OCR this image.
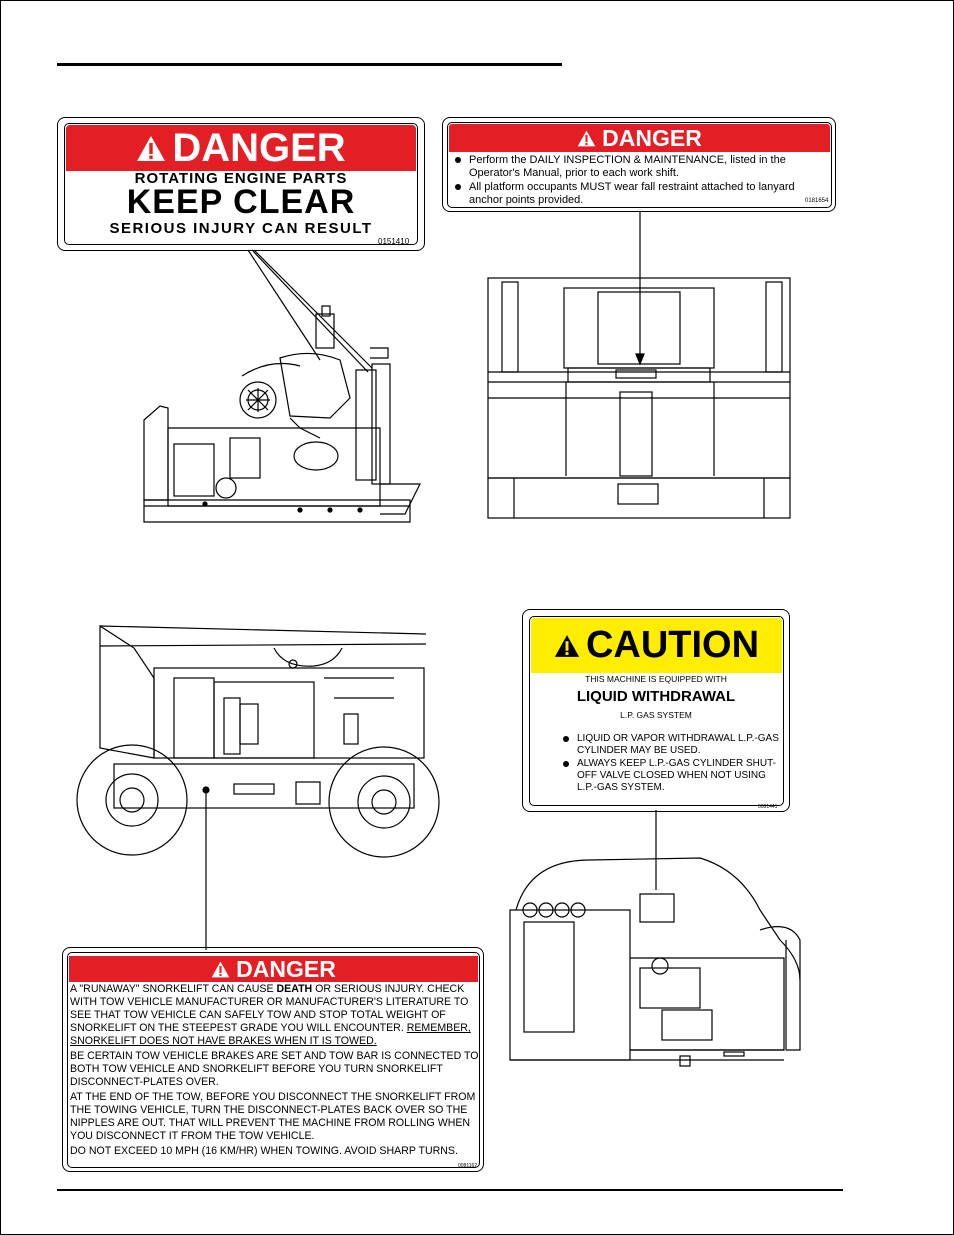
DANGER
ROTATING ENGINE PARTS
KEEP CLEAR
SERIOUS INJURY CAN RESULT
0151410
DANGER
Perform the DAILY INSPECTION & MAINTENANCE, listed in the Operator's Manual, prior to each work shift.
All platform occupants MUST wear fall restraint attached to lanyard anchor points provided.	0181654
CAUTION
THIS MACHINE IS EQUIPPED WITH
LIQUID WITHDRAWAL
L.P. GAS SYSTEM
LIQUID OR VAPOR WITHDRAWAL L.P.-GAS CYLINDER MAY BE USED.
ALWAYS KEEP L.P.-GAS CYLINDER SHUT-OFF VALVE CLOSED WHEN NOT USING L.P.-GAS SYSTEM.
0081441
DANGER
0081162

A "RUNAWAY" SNORKELIFT CAN CAUSE DEATH OR SERIOUS INJURY. CHECK WITH TOW VEHICLE MANUFACTURER OR MANUFACTURER'S LITERATURE TO SEE THAT TOW VEHICLE CAN SAFELY TOW AND STOP TOTAL WEIGHT OF SNORKELIFT ON THE STEEPEST GRADE YOU WILL ENCOUNTER. REMEMBER, SNORKELIFT DOES NOT HAVE BRAKES WHEN IT IS TOWED.

BE CERTAIN TOW VEHICLE BRAKES ARE SET AND TOW BAR IS CONNECTED TO BOTH TOW VEHICLE AND SNORKELIFT BEFORE YOU TURN SNORKELIFT DISCONNECT-PLATES OVER.

AT THE END OF THE TOW, BEFORE YOU DISCONNECT THE SNORKELIFT FROM THE TOWING VEHICLE, TURN THE DISCONNECT-PLATES BACK OVER SO THE NIPPLES ARE OUT. THAT WILL PREVENT THE MACHINE FROM ROLLING WHEN YOU DISCONNECT IT FROM THE TOW VEHICLE.

DO NOT EXCEED 10 MPH (16 KM/HR) WHEN TOWING. AVOID SHARP TURNS.
